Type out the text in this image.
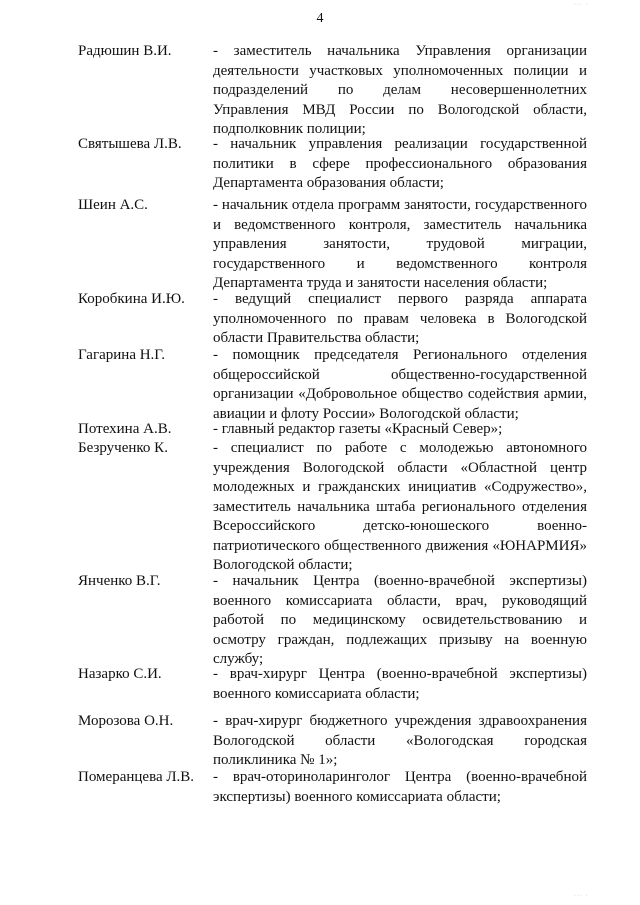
4
··· ·
··· ·
Радюшин В.И.	- заместитель начальника Управления организации деятельности участковых уполномоченных полиции и подразделений по делам несовершеннолетних Управления МВД России по Вологодской области, подполковник полиции;
Святышева Л.В. - начальник управления реализации государственной политики в сфере профессионального образования Департамента образования области;
Шеин А.С.	- начальник отдела программ занятости, государственного и ведомственного контроля, заместитель начальника управления занятости, трудовой миграции, государственного и ведомственного контроля Департамента труда и занятости населения области;
Коробкина И.Ю. - ведущий специалист первого разряда аппарата уполномоченного по правам человека в Вологодской области Правительства области;
Гагарина Н.Г.	- помощник председателя Регионального отделения общероссийской общественно-государственной организации «Добровольное общество содействия армии, авиации и флоту России» Вологодской области;
Потехина А.В.	- главный редактор газеты «Красный Север»;
Безрученко К.	- специалист по работе с молодежью автономного учреждения Вологодской области «Областной центр молодежных и гражданских инициатив «Содружество», заместитель начальника штаба регионального отделения Всероссийского детско-юношеского военно-патриотического общественного движения «ЮНАРМИЯ» Вологодской области;
Янченко В.Г.	- начальник Центра (военно-врачебной экспертизы) военного комиссариата области, врач, руководящий работой по медицинскому освидетельствованию и осмотру граждан, подлежащих призыву на военную службу;
Назарко С.И.	- врач-хирург Центра (военно-врачебной экспертизы) военного комиссариата области;
Морозова О.Н.	- врач-хирург бюджетного учреждения здравоохранения Вологодской области «Вологодская городская поликлиника № 1»;
Померанцева Л.В. - врач-оториноларинголог Центра (военно-врачебной экспертизы) военного комиссариата области;
